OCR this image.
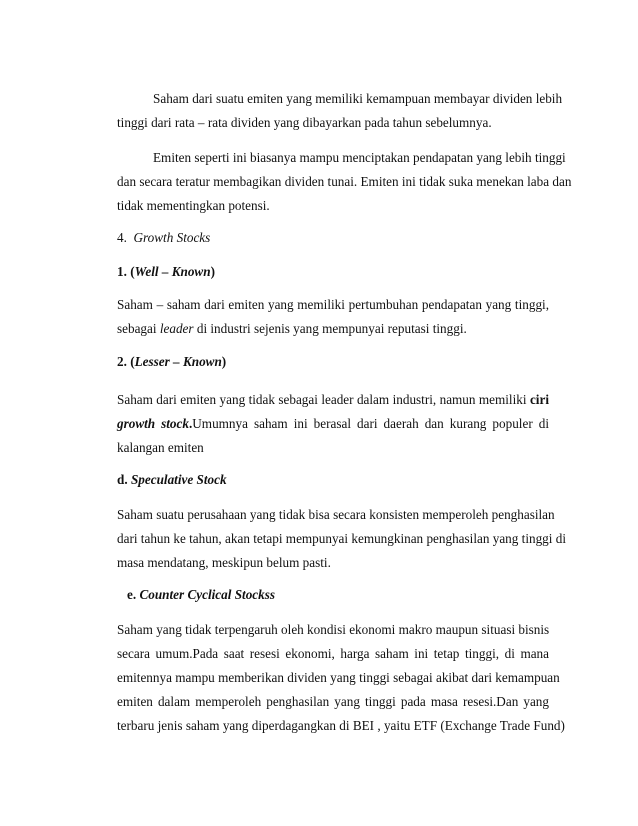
Saham dari suatu emiten yang memiliki kemampuan membayar dividen lebih
tinggi dari rata – rata dividen yang dibayarkan pada tahun sebelumnya.
Emiten seperti ini biasanya mampu menciptakan pendapatan yang lebih tinggi
dan secara teratur membagikan dividen tunai. Emiten ini tidak suka menekan laba dan
tidak mementingkan potensi.
4. Growth Stocks
1. (Well – Known)
Saham – saham dari emiten yang memiliki pertumbuhan pendapatan yang tinggi,
sebagai leader di industri sejenis yang mempunyai reputasi tinggi.
2. (Lesser – Known)
Saham dari emiten yang tidak sebagai leader dalam industri, namun memiliki ciri
growth stock.Umumnya saham ini berasal dari daerah dan kurang populer di
kalangan emiten
d. Speculative Stock
Saham suatu perusahaan yang tidak bisa secara konsisten memperoleh penghasilan
dari tahun ke tahun, akan tetapi mempunyai kemungkinan penghasilan yang tinggi di
masa mendatang, meskipun belum pasti.
e. Counter Cyclical Stockss
Saham yang tidak terpengaruh oleh kondisi ekonomi makro maupun situasi bisnis
secara umum.Pada saat resesi ekonomi, harga saham ini tetap tinggi, di mana
emitennya mampu memberikan dividen yang tinggi sebagai akibat dari kemampuan
emiten dalam memperoleh penghasilan yang tinggi pada masa resesi.Dan yang
terbaru jenis saham yang diperdagangkan di BEI , yaitu ETF (Exchange Trade Fund)
